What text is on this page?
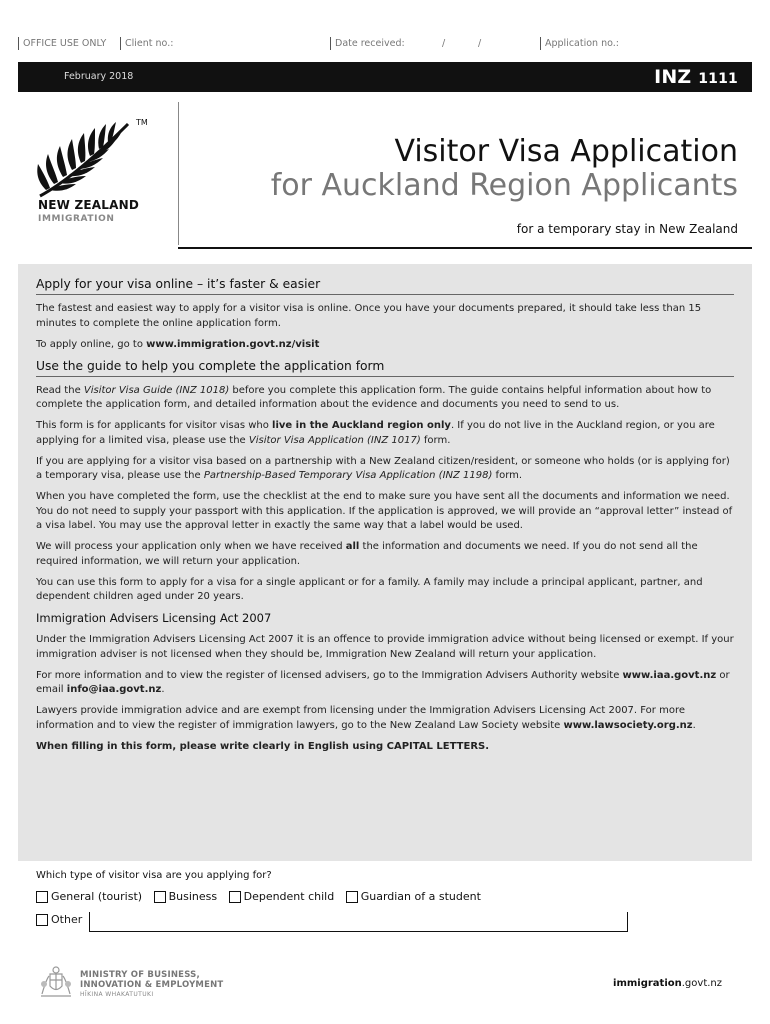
OFFICE USE ONLY	Client no.:	Date received:	/	/	Application no.:
February 2018	INZ 1111
TM
NEW ZEALAND
IMMIGRATION
Visitor Visa Application
for Auckland Region Applicants
for a temporary stay in New Zealand
Apply for your visa online – it’s faster & easier

The fastest and easiest way to apply for a visitor visa is online. Once you have your documents prepared, it should take less than 15 minutes to complete the online application form.

To apply online, go to www.immigration.govt.nz/visit

Use the guide to help you complete the application form

Read the Visitor Visa Guide (INZ 1018) before you complete this application form. The guide contains helpful information about how to complete the application form, and detailed information about the evidence and documents you need to send to us.

This form is for applicants for visitor visas who live in the Auckland region only. If you do not live in the Auckland region, or you are applying for a limited visa, please use the Visitor Visa Application (INZ 1017) form.

If you are applying for a visitor visa based on a partnership with a New Zealand citizen/resident, or someone who holds (or is applying for) a temporary visa, please use the Partnership-Based Temporary Visa Application (INZ 1198) form.

When you have completed the form, use the checklist at the end to make sure you have sent all the documents and information we need. You do not need to supply your passport with this application. If the application is approved, we will provide an “approval letter” instead of a visa label. You may use the approval letter in exactly the same way that a label would be used.

We will process your application only when we have received all the information and documents we need. If you do not send all the required information, we will return your application.

You can use this form to apply for a visa for a single applicant or for a family. A family may include a principal applicant, partner, and dependent children aged under 20 years.

Immigration Advisers Licensing Act 2007

Under the Immigration Advisers Licensing Act 2007 it is an offence to provide immigration advice without being licensed or exempt. If your immigration adviser is not licensed when they should be, Immigration New Zealand will return your application.

For more information and to view the register of licensed advisers, go to the Immigration Advisers Authority website www.iaa.govt.nz or email info@iaa.govt.nz.

Lawyers provide immigration advice and are exempt from licensing under the Immigration Advisers Licensing Act 2007. For more information and to view the register of immigration lawyers, go to the New Zealand Law Society website www.lawsociety.org.nz.

When filling in this form, please write clearly in English using CAPITAL LETTERS.

Which type of visitor visa are you applying for?
General (tourist)
Business
Dependent child
Guardian of a student
Other
MINISTRY OF BUSINESS,
INNOVATION & EMPLOYMENT
HĪKINA WHAKATUTUKI
immigration.govt.nz
